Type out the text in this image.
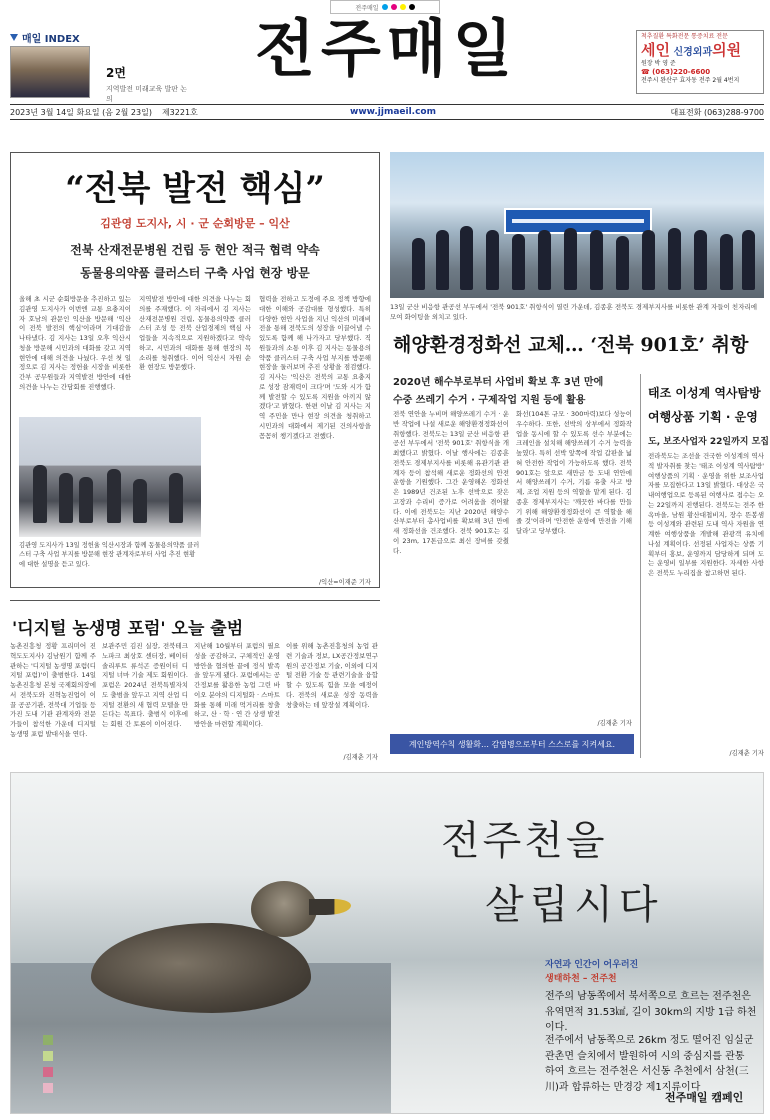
전주매일
매일 INDEX
2면
지역발전 미래교육 발판 논의
전주매일	척추질환 특화전문 통증치료 전문
세인 신경외과의원
원장 박 영 준
☎ (063)220-6600
전주시 완산구 효자동 전주 2월 4번지
2023년 3월 14일 화요일 (음 2월 23일) 제3221호	www.jjmaeil.com	대표전화 (063)288-9700
“전북 발전 핵심”
김관영 도지사, 시 · 군 순회방문 – 익산
전북 산재전문병원 건립 등 현안 적극 협력 약속
동물용의약품 클러스터 구축 사업 현장 방문
올해 초 시군 순회방문을 추진하고 있는 김관영 도지사가 이번엔 교통 요충지이자 호남의 관문인 익산을 방문해 '익산이 전북 발전의 핵심'이라며 기대감을 나타냈다. 김 지사는 13일 오후 익산시청을 방문해 시민과의 대화를 갖고 지역 현안에 대해 의견을 나눴다. 우선 첫 일정으로 김 지사는 정헌율 시장을 비롯한 간부 공무원들과 지역발전 방안에 대한 의견을 나누는 간담회를 진행했다.
지역발전 방안에 대한 의견을 나누는 회의를 주재했다. 이 자리에서 김 지사는 산재전문병원 건립, 동물용의약품 클러스터 조성 등 전북 산업경제의 핵심 사업들을 지속적으로 지원하겠다고 약속하고, 시민과의 대화를 통해 현장의 목소리를 청취했다. 이어 익산시 자원 순환 현장도 방문했다.
협력을 전하고 도정에 주요 정책 방향에 대한 이해와 공감대를 형성했다. 특히 다양한 현안 사업을 지닌 익산의 미래비전을 통해 전북도의 성장을 이끌어낼 수 있도록 함께 해 나가자고 당부했다. 직원들과의 소통 이후 김 지사는 동물용의약품 클러스터 구축 사업 부지를 방문해 현장을 둘러보며 추진 상황을 점검했다. 김 지사는 '익산은 전북의 교통 요충지로 성장 잠재력이 크다'며 '도와 시가 함께 발전할 수 있도록 지원을 아끼지 않겠다'고 밝혔다. 한편 이날 김 지사는 지역 주민을 만나 현장 의견을 청취하고 시민과의 대화에서 제기된 건의사항을 꼼꼼히 챙기겠다고 전했다.
김관영 도지사가 13일 정헌율 익산시장과 함께 동물용의약품 클러스터 구축 사업 부지를 방문해 현장 관계자로부터 사업 추진 현황에 대한 설명을 듣고 있다.
/익산=이재준 기자
13일 군산 비응항 관공선 부두에서 '전북 901호' 취항식이 열린 가운데, 김종훈 전북도 경제부지사를 비롯한 관계 자들이 친자리에 모여 화이팅을 외치고 있다.
해양환경정화선 교체… ‘전북 901호’ 취항
2020년 해수부로부터 사업비 확보 후 3년 만에
수중 쓰레기 수거 · 구제작업 지원 등에 활용
전북 연안을 누비며 해양쓰레기 수거 · 운반 작업에 나설 새로운 해양환경정화선이 취항했다. 전북도는 13일 군산 비응항 관공선 부두에서 '전북 901호' 취항식을 개최했다고 밝혔다. 이날 행사에는 김종훈 전북도 경제부지사를 비롯해 유관기관 관계자 등이 참석해 새로운 정화선의 안전 운항을 기원했다. 그간 운영해온 정화선은 1989년 건조된 노후 선박으로 잦은 고장과 수리비 증가로 어려움을 겪어왔다. 이에 전북도는 지난 2020년 해양수산부로부터 총사업비를 확보해 3년 만에 새 정화선을 건조했다. 전북 901호는 길이 23m, 17톤급으로 최신 장비를 갖췄다.
화선(104톤 규모 · 300마력)보다 성능이 우수하다. 또한, 선박의 상부에서 정화작업을 동시에 할 수 있도록 선수 부분에는 크레인을 설치해 해양쓰레기 수거 능력을 높였다. 특히 선박 앞쪽에 작업 갑판을 넓혀 안전한 작업이 가능하도록 했다. 전북 901호는 앞으로 새만금 등 도내 연안에서 해양쓰레기 수거, 기름 유출 사고 방제, 조업 지원 등의 역할을 맡게 된다. 김종훈 경제부지사는 '깨끗한 바다를 만들기 위해 해양환경정화선이 큰 역할을 해줄 것'이라며 '안전한 운항에 만전을 기해달라'고 당부했다.
/김재춘 기자
계인방역수칙 생활화… 감염병으로부터 스스로를 지켜세요.
태조 이성계 역사탐방
여행상품 기획 · 운영
도, 보조사업자 22일까지 모집
전라북도는 조선을 건국한 이성계의 역사적 발자취를 찾는 '태조 이성계 역사탐방' 여행상품의 기획 · 운영을 위한 보조사업자를 모집한다고 13일 밝혔다. 대상은 국내여행업으로 등록된 여행사로 접수는 오는 22일까지 진행된다. 전북도는 전주 한옥마을, 남원 황산대첩비지, 장수 뜬봉샘 등 이성계와 관련된 도내 역사 자원을 연계한 여행상품을 개발해 관광객 유치에 나설 계획이다. 선정된 사업자는 상품 기획부터 홍보, 운영까지 담당하게 되며 도는 운영비 일부를 지원한다. 자세한 사항은 전북도 누리집을 참고하면 된다.
/김재춘 기자
'디지털 농생명 포럼' 오늘 출범
농촌진흥청 정황 프리미어 진혁도도지사) 김남원기 함께 주관하는 '디지털 농생명 포럼(디지털 포럼)'이 출범한다. 14일 농촌진흥청 본청 국제회의장에서 전북도와 진혁농진업이 이끌 공공기관, 전북대 기업들 등 가진 도내 기관 관계자와 전문가들이 참석한 가운데 디지털 농생명 포럼 발대식을 연다.
보관주민 김진 실장, 전북테크노파크 최상호 센터장, 베이터 솔리루트 류석곤 증원이터 디지털 너마 기술 제도 회원이다. 포럼은 2024년 전북특별자치도 출범을 앞두고 지역 산업 디지털 전환의 새 협력 모델을 만든다는 목표다. 출범식 이후에는 회원 간 토론이 이어진다.
지난해 10월부터 포럼의 필요성을 공감하고, 구체적인 운영 방안을 협의한 끝에 정식 발족을 앞두게 됐다. 포럼에서는 공간정보를 활용한 농업 그린 바이오 분야의 디지털화 · 스마트화를 통해 미래 먹거리를 창출하고, 산 · 학 · 연 간 상생 발전방안을 마련할 계획이다.
이를 위해 농촌진흥청의 농업 관련 기술과 정보, LX공간정보연구원의 공간정보 기술, 이외에 디지털 전환 기술 등 관련기술을 융합할 수 있도록 힘을 모을 예정이다. 전북의 새로운 성장 동력을 창출하는 데 앞장설 계획이다.
/김재춘 기자
전주천을
살립시다
자연과 인간이 어우러진
생태하천 – 전주천
전주의 남동쪽에서 북서쪽으로 흐르는 전주천은 유역면적 31.53㎢, 길이 30km의 지방 1급 하천이다.
전주에서 남동쪽으로 26km 정도 떨어진 임실군 관촌면 슬치에서 발원하여 시의 중심지를 관통 하여 흐르는 전주천은 서신동 추천에서 삼천(三川)과 합류하는 만경강 제1지류이다
전주매일 캠페인
